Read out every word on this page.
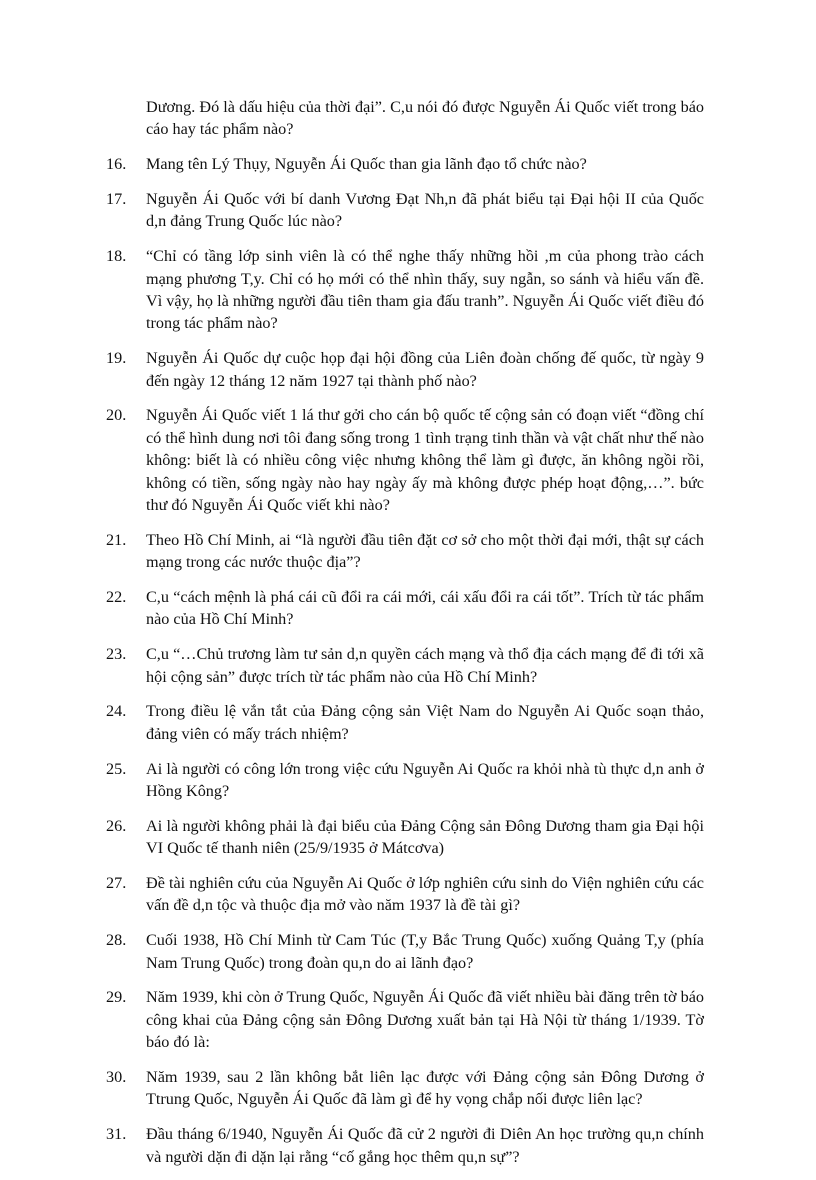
Dương. Đó là dấu hiệu của thời đại”. C,u nói đó được Nguyễn Ái Quốc viết trong báo cáo hay tác phẩm nào?
16.	Mang tên Lý Thụy, Nguyễn Ái Quốc than gia lãnh đạo tổ chức nào?
17.	Nguyễn Ái Quốc với bí danh Vương Đạt Nh,n đã phát biểu tại Đại hội II của Quốc d,n đảng Trung Quốc lúc nào?
18.	“Chỉ có tầng lớp sinh viên là có thể nghe thấy những hồi ,m của phong trào cách mạng phương T,y. Chỉ có họ mới có thể nhìn thấy, suy ngẫn, so sánh và hiểu vấn đề. Vì vậy, họ là những người đầu tiên tham gia đấu tranh”. Nguyễn Ái Quốc viết điều đó trong tác phẩm nào?
19.	Nguyễn Ái Quốc dự cuộc họp đại hội đồng của Liên đoàn chống đế quốc, từ ngày 9 đến ngày 12 tháng 12 năm 1927 tại thành phố nào?
20.	Nguyễn Ái Quốc viết 1 lá thư gởi cho cán bộ quốc tế cộng sản có đoạn viết “đồng chí có thể hình dung nơi tôi đang sống trong 1 tình trạng tinh thần và vật chất như thế nào không: biết là có nhiều công việc nhưng không thể làm gì được, ăn không ngồi rồi, không có tiền, sống ngày nào hay ngày ấy mà không được phép hoạt động,…”. bức thư đó Nguyễn Ái Quốc viết khi nào?
21.	Theo Hồ Chí Minh, ai “là người đầu tiên đặt cơ sở cho một thời đại mới, thật sự cách mạng trong các nước thuộc địa”?
22.	C,u “cách mệnh là phá cái cũ đổi ra cái mới, cái xấu đổi ra cái tốt”. Trích từ tác phẩm nào của Hồ Chí Minh?
23.	C,u “…Chủ trương làm tư sản d,n quyền cách mạng và thổ địa cách mạng để đi tới xã hội cộng sản” được trích từ tác phẩm nào của Hồ Chí Minh?
24.	Trong điều lệ vắn tắt của Đảng cộng sản Việt Nam do Nguyễn Ai Quốc soạn thảo, đảng viên có mấy trách nhiệm?
25.	Ai là người có công lớn trong việc cứu Nguyễn Ai Quốc ra khỏi nhà tù thực d,n anh ở Hồng Kông?
26.	Ai là người không phải là đại biểu của Đảng Cộng sản Đông Dương tham gia Đại hội VI Quốc tế thanh niên (25/9/1935 ở Mátcơva)
27.	Đề tài nghiên cứu của Nguyễn Ai Quốc ở lớp nghiên cứu sinh do Viện nghiên cứu các vấn đề d,n tộc và thuộc địa mở vào năm 1937 là đề tài gì?
28.	Cuối 1938, Hồ Chí Minh từ Cam Túc (T,y Bắc Trung Quốc) xuống Quảng T,y (phía Nam Trung Quốc) trong đoàn qu,n do ai lãnh đạo?
29.	Năm 1939, khi còn ở Trung Quốc, Nguyễn Ái Quốc đã viết nhiều bài đăng trên tờ báo công khai của Đảng cộng sản Đông Dương xuất bản tại Hà Nội từ tháng 1/1939. Tờ báo đó là:
30.	Năm 1939, sau 2 lần không bắt liên lạc được với Đảng cộng sản Đông Dương ở Ttrung Quốc, Nguyễn Ái Quốc đã làm gì để hy vọng chắp nối được liên lạc?
31.	Đầu tháng 6/1940, Nguyễn Ái Quốc đã cử 2 người đi Diên An học trường qu,n chính và người dặn đi dặn lại rằng “cố gắng học thêm qu,n sự”?
